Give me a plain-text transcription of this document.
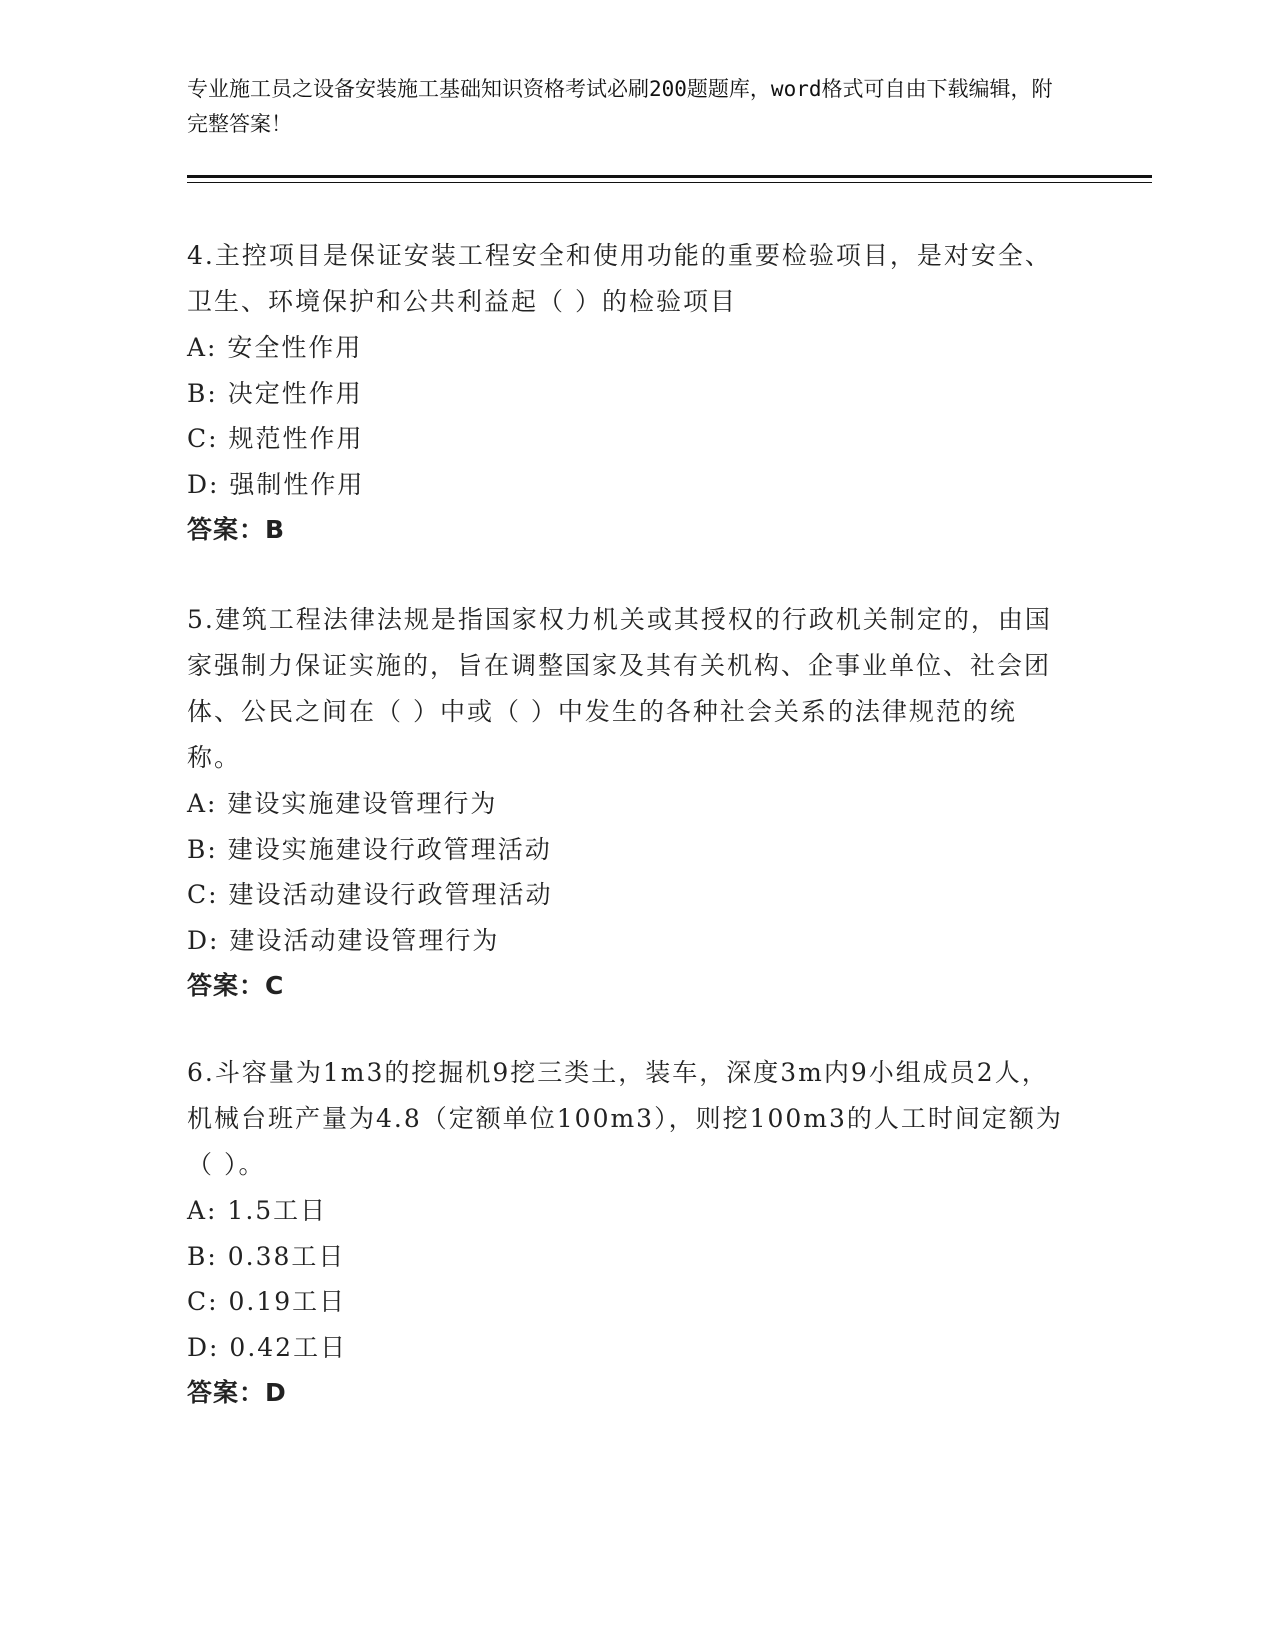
专业施工员之设备安装施工基础知识资格考试必刷200题题库，word格式可自由下载编辑，附完整答案！
4.主控项目是保证安装工程安全和使用功能的重要检验项目，是对安全、卫生、环境保护和公共利益起（ ）的检验项目
A: 安全性作用
B: 决定性作用
C: 规范性作用
D: 强制性作用
答案：B
5.建筑工程法律法规是指国家权力机关或其授权的行政机关制定的，由国家强制力保证实施的，旨在调整国家及其有关机构、企事业单位、社会团体、公民之间在（ ）中或（ ）中发生的各种社会关系的法律规范的统称。
A: 建设实施建设管理行为
B: 建设实施建设行政管理活动
C: 建设活动建设行政管理活动
D: 建设活动建设管理行为
答案：C
6.斗容量为1m3的挖掘机9挖三类土，装车，深度3m内9小组成员2人，机械台班产量为4.8（定额单位100m3），则挖100m3的人工时间定额为（ ）。
A: 1.5工日
B: 0.38工日
C: 0.19工日
D: 0.42工日
答案：D
